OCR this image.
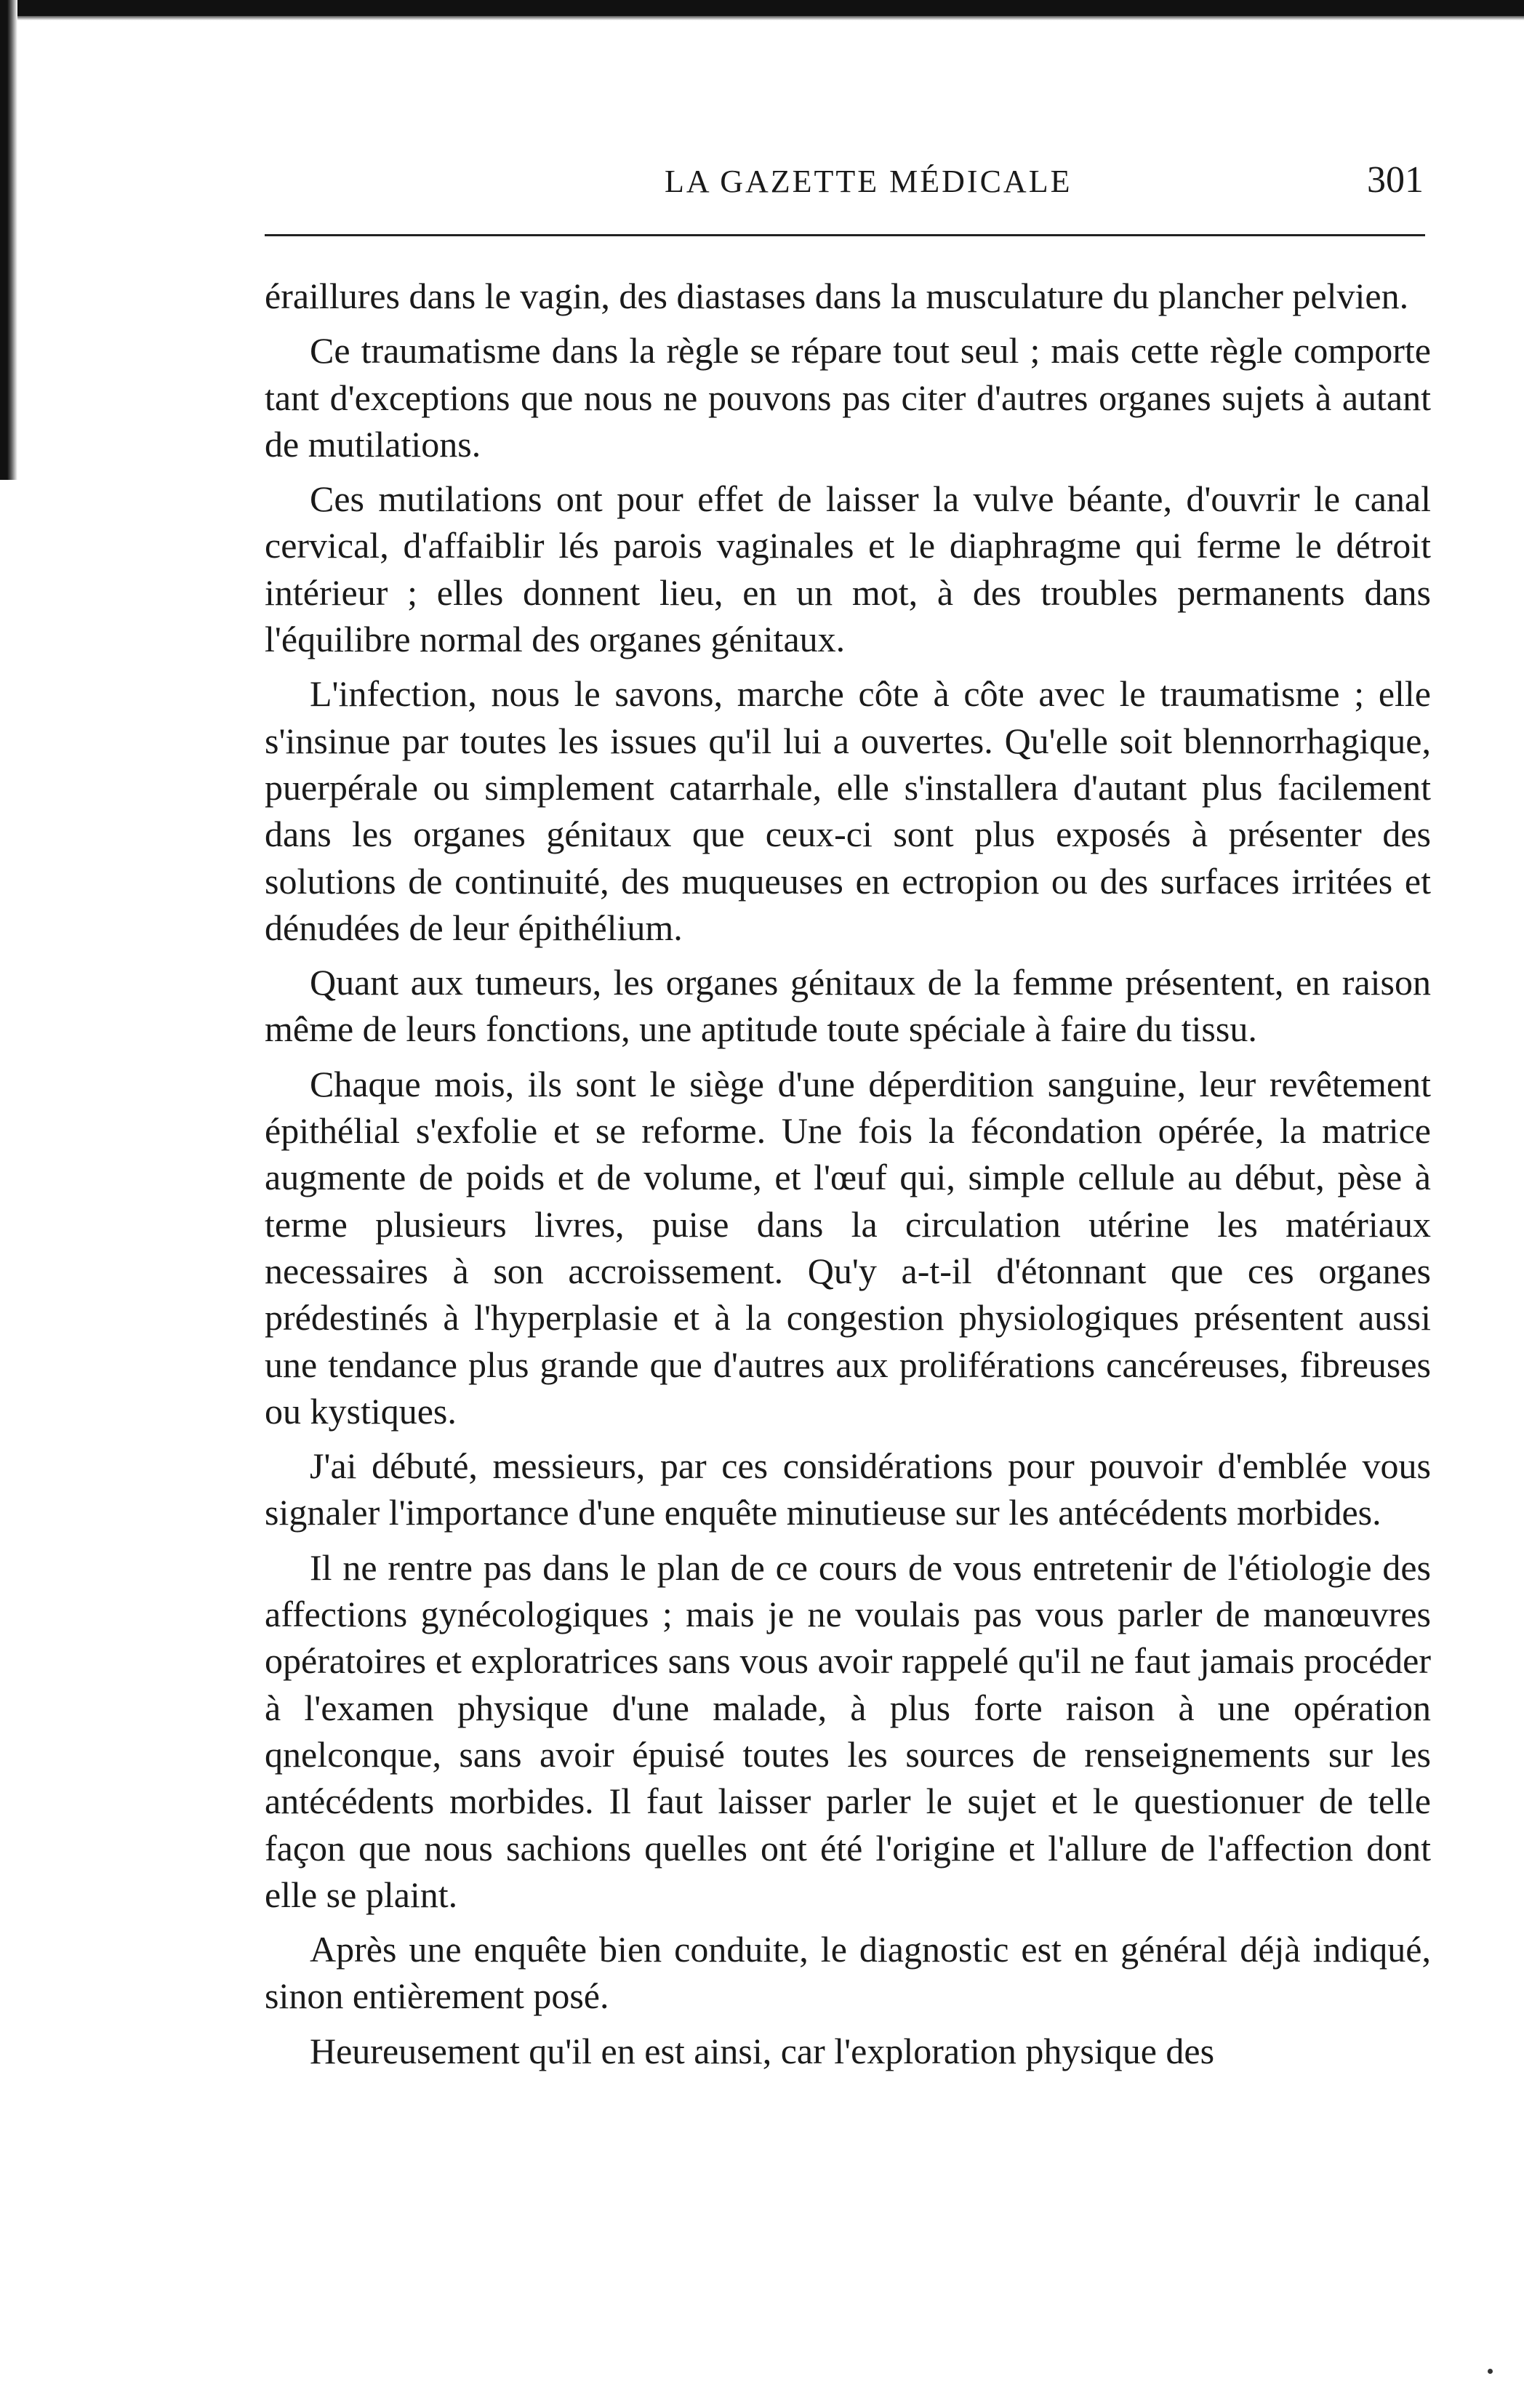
LA GAZETTE MÉDICALE	301

éraillures dans le vagin, des diastases dans la musculature du plancher pelvien.

Ce traumatisme dans la règle se répare tout seul ; mais cette règle comporte tant d'exceptions que nous ne pouvons pas citer d'autres organes sujets à autant de mutilations.

Ces mutilations ont pour effet de laisser la vulve béante, d'ouvrir le canal cervical, d'affaiblir lés parois vaginales et le diaphragme qui ferme le détroit intérieur ; elles donnent lieu, en un mot, à des troubles permanents dans l'équilibre normal des organes génitaux.

L'infection, nous le savons, marche côte à côte avec le traumatisme ; elle s'insinue par toutes les issues qu'il lui a ouvertes. Qu'elle soit blennorrhagique, puerpérale ou simplement catarrhale, elle s'installera d'autant plus facilement dans les organes génitaux que ceux-ci sont plus exposés à présenter des solutions de continuité, des muqueuses en ectropion ou des surfaces irritées et dénudées de leur épithélium.

Quant aux tumeurs, les organes génitaux de la femme présentent, en raison même de leurs fonctions, une aptitude toute spéciale à faire du tissu.

Chaque mois, ils sont le siège d'une déperdition sanguine, leur revêtement épithélial s'exfolie et se reforme. Une fois la fécondation opérée, la matrice augmente de poids et de volume, et l'œuf qui, simple cellule au début, pèse à terme plusieurs livres, puise dans la circulation utérine les matériaux necessaires à son accroissement. Qu'y a-t-il d'étonnant que ces organes prédestinés à l'hyperplasie et à la congestion physiologiques présentent aussi une tendance plus grande que d'autres aux proliférations cancéreuses, fibreuses ou kystiques.

J'ai débuté, messieurs, par ces considérations pour pouvoir d'emblée vous signaler l'importance d'une enquête minutieuse sur les antécédents morbides.

Il ne rentre pas dans le plan de ce cours de vous entretenir de l'étiologie des affections gynécologiques ; mais je ne voulais pas vous parler de manœuvres opératoires et exploratrices sans vous avoir rappelé qu'il ne faut jamais procéder à l'examen physique d'une malade, à plus forte raison à une opération qnelconque, sans avoir épuisé toutes les sources de renseignements sur les antécédents morbides. Il faut laisser parler le sujet et le questionuer de telle façon que nous sachions quelles ont été l'origine et l'allure de l'affection dont elle se plaint.

Après une enquête bien conduite, le diagnostic est en général déjà indiqué, sinon entièrement posé.

Heureusement qu'il en est ainsi, car l'exploration physique des
